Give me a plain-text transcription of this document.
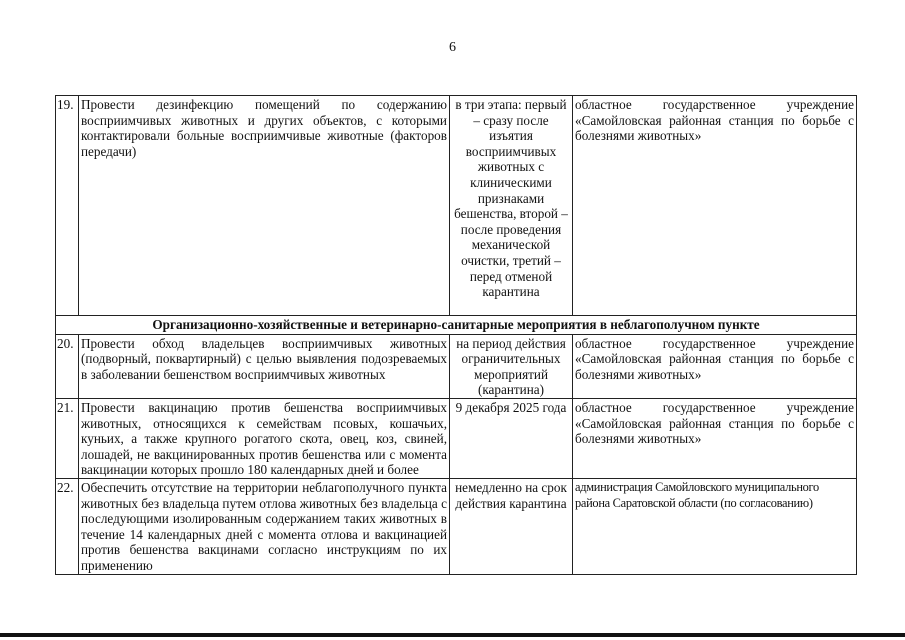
6
19.	Провести дезинфекцию помещений по содержанию восприимчивых животных и других объектов, с которыми контактировали больные восприимчивые животные (факторов передачи)	в три этапа: первый – сразу после изъятия восприимчивых животных с клиническими признаками бешенства, второй – после проведения механической очистки, третий – перед отменой карантина	областное государственное учреждение «Самойловская районная станция по борьбе с болезнями животных»
Организационно-хозяйственные и ветеринарно-санитарные мероприятия в неблагополучном пункте			
20.	Провести обход владельцев восприимчивых животных (подворный, поквартирный) с целью выявления подозреваемых в заболевании бешенством восприимчивых животных	на период действия ограничительных мероприятий (карантина)	областное государственное учреждение «Самойловская районная станция по борьбе с болезнями животных»
21.	Провести вакцинацию против бешенства восприимчивых животных, относящихся к семействам псовых, кошачьих, куньих, а также крупного рогатого скота, овец, коз, свиней, лошадей, не вакцинированных против бешенства или с момента вакцинации которых прошло 180 календарных дней и более	9 декабря 2025 года	областное государственное учреждение «Самойловская районная станция по борьбе с болезнями животных»
22.	Обеспечить отсутствие на территории неблагополучного пункта животных без владельца путем отлова животных без владельца с последующими изолированным содержанием таких животных в течение 14 календарных дней с момента отлова и вакцинацией против бешенства вакцинами согласно инструкциям по их применению	немедленно на срок действия карантина	администрация Самойловского муниципального района Саратовской области (по согласованию)
